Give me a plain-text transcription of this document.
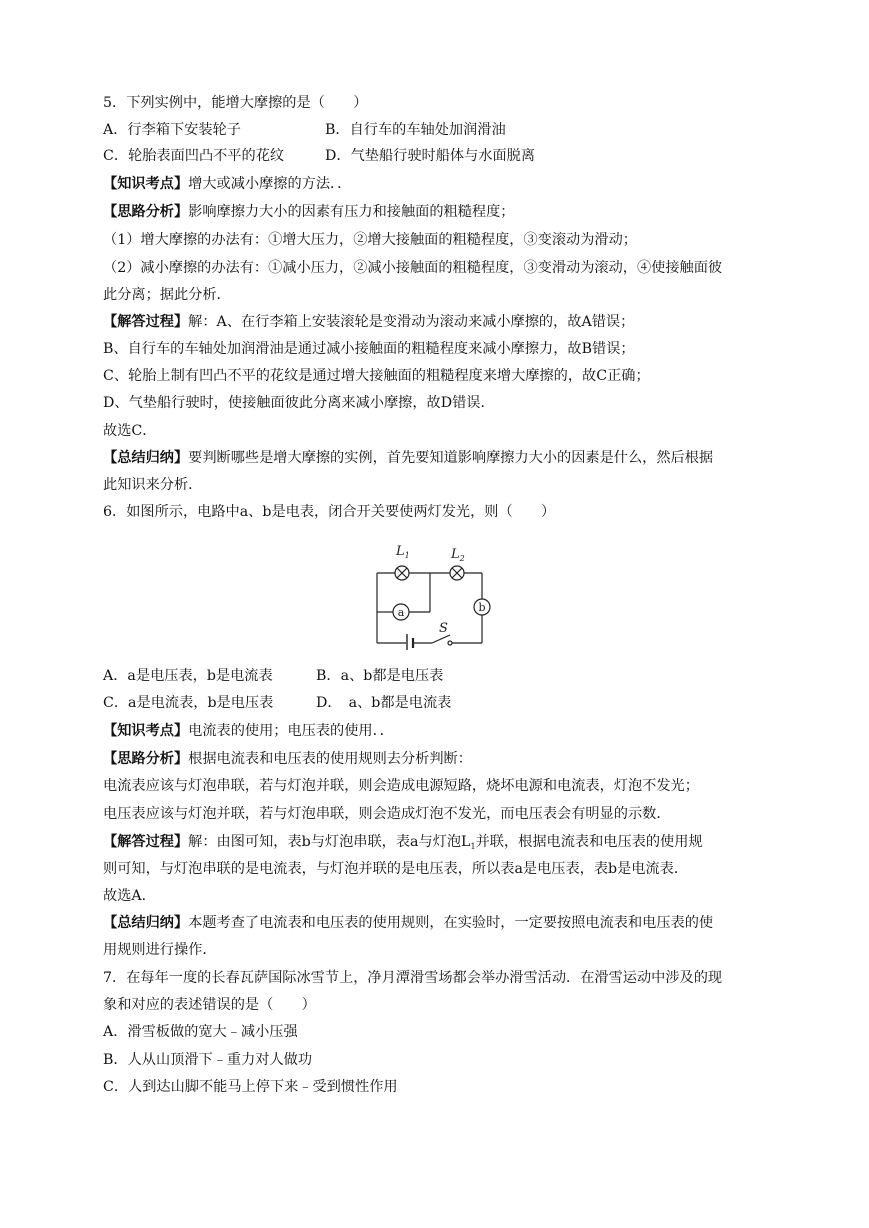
5．下列实例中，能增大摩擦的是（　　）
A．行李箱下安装轮子	B．自行车的车轴处加润滑油
C．轮胎表面凹凸不平的花纹	D．气垫船行驶时船体与水面脱离
【知识考点】增大或减小摩擦的方法．．
【思路分析】影响摩擦力大小的因素有压力和接触面的粗糙程度；
（1）增大摩擦的办法有：①增大压力，②增大接触面的粗糙程度，③变滚动为滑动；
（2）减小摩擦的办法有：①减小压力，②减小接触面的粗糙程度，③变滑动为滚动，④使接触面彼
此分离；据此分析．
【解答过程】解：A、在行李箱上安装滚轮是变滑动为滚动来减小摩擦的，故A错误；
B、自行车的车轴处加润滑油是通过减小接触面的粗糙程度来减小摩擦力，故B错误；
C、轮胎上制有凹凸不平的花纹是通过增大接触面的粗糙程度来增大摩擦的，故C正确；
D、气垫船行驶时，使接触面彼此分离来减小摩擦，故D错误．
故选C．
【总结归纳】要判断哪些是增大摩擦的实例，首先要知道影响摩擦力大小的因素是什么，然后根据
此知识来分析．
6．如图所示，电路中a、b是电表，闭合开关要使两灯发光，则（　　）
S
$L_1$	$L_2$
a	b
A．a是电压表，b是电流表	B．a、b都是电压表
C．a是电流表，b是电压表	D．　a、b都是电流表
【知识考点】电流表的使用；电压表的使用．．
【思路分析】根据电流表和电压表的使用规则去分析判断：
电流表应该与灯泡串联，若与灯泡并联，则会造成电源短路，烧坏电源和电流表，灯泡不发光；
电压表应该与灯泡并联，若与灯泡串联，则会造成灯泡不发光，而电压表会有明显的示数．
【解答过程】解：由图可知，表b与灯泡串联，表a与灯泡$L_1$并联，根据电流表和电压表的使用规
则可知，与灯泡串联的是电流表，与灯泡并联的是电压表，所以表a是电压表，表b是电流表．
故选A．
【总结归纳】本题考查了电流表和电压表的使用规则，在实验时，一定要按照电流表和电压表的使
用规则进行操作．
7．在每年一度的长春瓦萨国际冰雪节上，净月潭滑雪场都会举办滑雪活动．在滑雪运动中涉及的现
象和对应的表述错误的是（　　）
A．滑雪板做的宽大﹣减小压强
B．人从山顶滑下﹣重力对人做功
C．人到达山脚不能马上停下来﹣受到惯性作用
